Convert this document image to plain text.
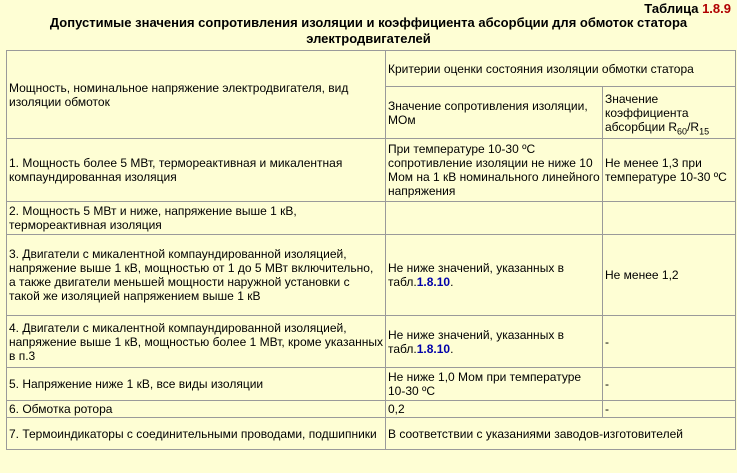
Таблица 1.8.9
Допустимые значения сопротивления изоляции и коэффициента абсорбции для обмоток статора
электродвигателей
Мощность, номинальное напряжение электродвигателя, вид изоляции обмоток	Критерии оценки состояния изоляции обмотки статора	
	Значение сопротивления изоляции, МОм	Значение коэффициента абсорбции $R_{60}/R_{15}$
1. Мощность более 5 МВт, термореактивная и микалентная компаундированная изоляция	При температуре 10-30 ºС сопротивление изоляции не ниже 10 Мом на 1 кВ номинального линейного напряжения	Не менее 1,3 при температуре 10-30 ºС
2. Мощность 5 МВт и ниже, напряжение выше 1 кВ, термореактивная изоляция		
3. Двигатели с микалентной компаундированной изоляцией, напряжение выше 1 кВ, мощностью от 1 до 5 МВт включительно, а также двигатели меньшей мощности наружной установки с такой же изоляцией напряжением выше 1 кВ	Не ниже значений, указанных в табл.1.8.10.	Не менее 1,2
4. Двигатели с микалентной компаундированной изоляцией, напряжение выше 1 кВ, мощностью более 1 МВт, кроме указанных в п.3	Не ниже значений, указанных в табл.1.8.10.	-
5. Напряжение ниже 1 кВ, все виды изоляции	Не ниже 1,0 Мом при температуре 10-30 ºС	-
6. Обмотка ротора	0,2	-
7. Термоиндикаторы с соединительными проводами, подшипники	В соответствии с указаниями заводов-изготовителей	
